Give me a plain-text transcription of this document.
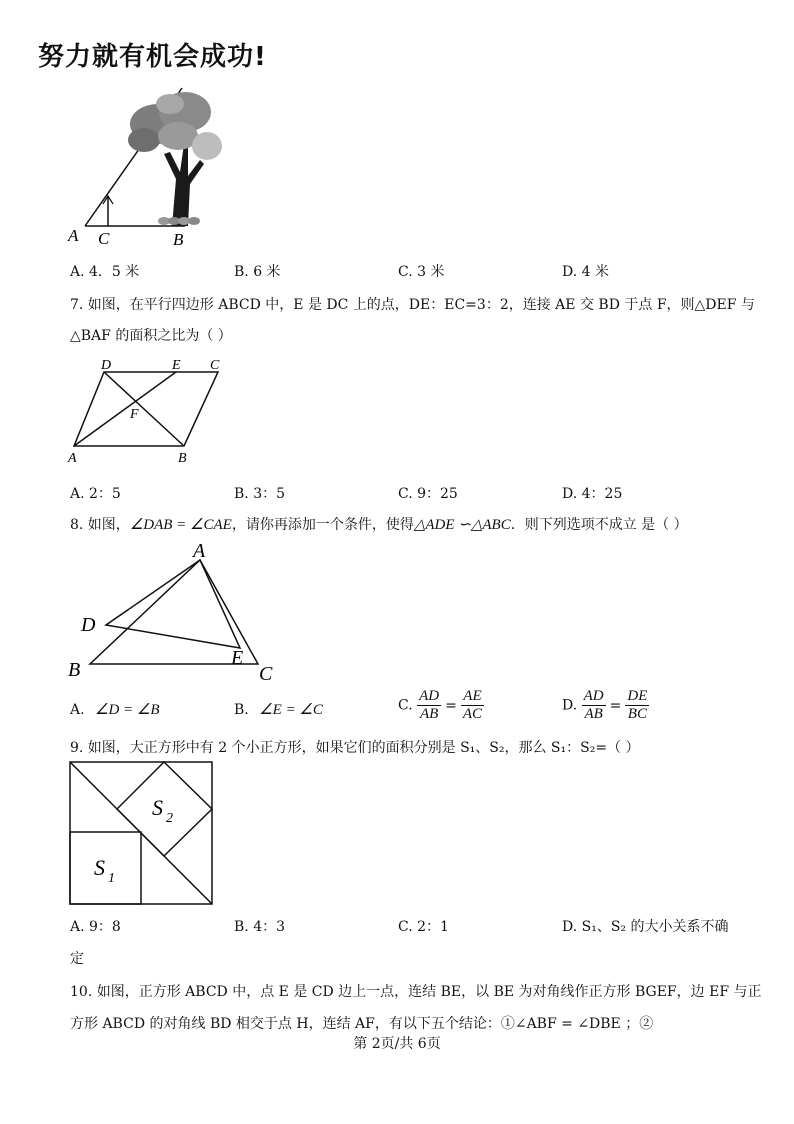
努力就有机会成功!
A C	B
A. 4．5 米	B. 6 米	C. 3 米	D. 4 米
7. 如图，在平行四边形 ABCD 中，E 是 DC 上的点，DE：EC=3：2，连接 AE 交 BD 于点 F，则△DEF 与
△BAF 的面积之比为（ ）
D	E C
F
A	B
A. 2：5	B. 3：5	C. 9：25	D. 4：25
8. 如图，∠DAB = ∠CAE，请你再添加一个条件，使得△ADE ∽△ABC．则下列选项不成立 是（ ）
A
D
B
E
C
A. ∠D = ∠B	B. ∠E = ∠C	C. $\frac{AD}{AB} = \frac{AE}{AC}$	D. $\frac{AD}{AB} = \frac{DE}{BC}$
9. 如图，大正方形中有 2 个小正方形，如果它们的面积分别是 S₁、S₂，那么 S₁：S₂=（ ）
S 2
S 1
A. 9：8	B. 4：3	C. 2：1	D. S₁、S₂ 的大小关系不确
定
10. 如图，正方形 ABCD 中，点 E 是 CD 边上一点，连结 BE，以 BE 为对角线作正方形 BGEF，边 EF 与正
方形 ABCD 的对角线 BD 相交于点 H，连结 AF，有以下五个结论：①∠ABF = ∠DBE ；②
第 2页/共 6页
